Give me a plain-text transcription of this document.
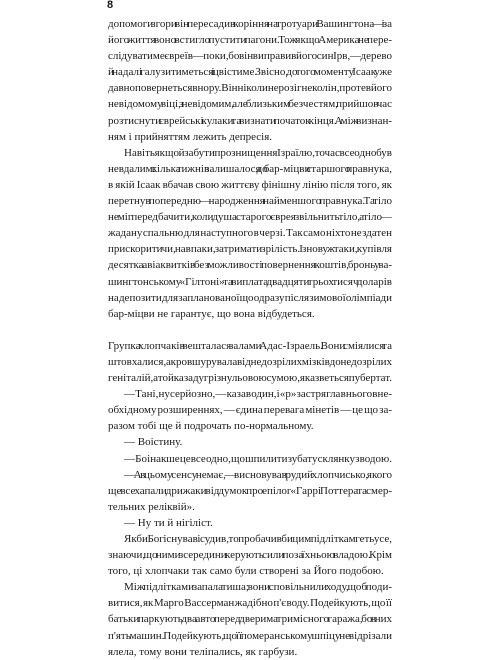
8
допомоги згори він пересадив коріння на тротуари Вашингтона — і за
його життя воно встигло пустити пагони. Тож якщо Америка не пере-
слідуватиме євреїв — поки, бо він виправив його син Ірв, — дерево
й надалі галузитиметься і цвістиме. Звісно, до того моменту Ісаак уже
давно повернеться в нору. Він ніколи не розігне колін, проте в його
невідомому віці, з невідомим, але близьким безчестям, прийшов час
розтиснути єврейські кулаки та визнати початок кінця. А між визнан-
ням і прийняттям лежить депресія.
Навіть якщо й забути про знищення Ізраїлю, то час все одно був
невдалим: кілька тижнів залишалося до бар-міцви старшого правнука,
в якій Ісаак вбачав свою життєву фінішну лінію після того, як
перетнув попередню — народження найменшого правнука. Та тіло
не міг передбачити, коли душа старого єврея звільнить тіло, а тіло —
жадану спальню для наступного в черзі. Так само ніхто не здатен
прискорити чи, навпаки, затримати зрілість. І знову ж таки, купівля
десятка авіаквитків без можливості повернення коштів, бронь у ва-
шингтонському «Гілтоні» та виплата двадцяти трьох тисяч доларів
на депозити для запланованої що одразу після зимової олімпіади
бар-міцви не гарантує, що вона відбудеться.
Групка хлопчаків вешталася залами Адас-Ізраель. Вони сміялися та
штовхалися, а кров шурувала від недозрілих мізків до недозрілих
геніталій, а той казад у грі з нульовою сумою, яка зветься пубертат.
— Та ні, ну серйозно, — казав один, і «р» застрягла в нього в не-
обхідному розширеннях, — єдина перевага мінетів — це що за-
разом тобі ще й подрочать по-нормальному.
— Воістину.
— Бо інакше це все одно, що шпилити зубату склянку з водою.
— А в цьому сенсу немає, — висновував рудий хлопчисько, якого
ще все хапали дрижаки від думок про епілог «Гаррі Поттера та смер-
тельних реліквій».
— Ну ти й нігіліст.
Якби Бог існував і судив, то пробачив би цим підліткам геть усе,
знаючи, що ними зсередини керують сили поза їхньою владою. Крім
того, ці хлопчаки так само були створені за Його подобою.
Між підлітками запала тиша; вони сповільнили ходу, щоб поди-
витися, як Марго Вассерман жадібно п'є воду. Подейкують, що її
батьки паркують два авто перед дверима тримісного гаража, бо в них
п'ять машин. Подейкують, що її померанському шпіцу не відрізали
ялела, тому вони теліпались, як гарбузи.
